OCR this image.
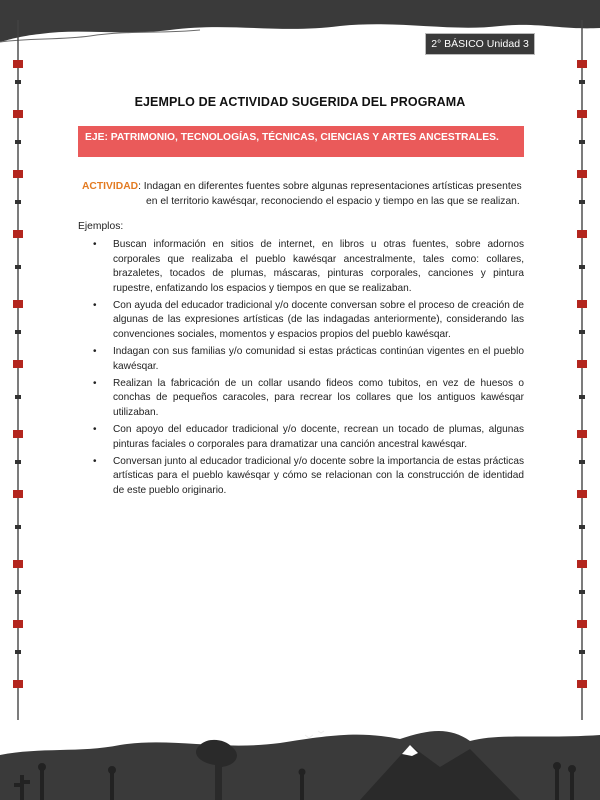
2° BÁSICO Unidad 3
EJEMPLO DE ACTIVIDAD SUGERIDA DEL PROGRAMA
EJE: PATRIMONIO, TECNOLOGÍAS, TÉCNICAS, CIENCIAS Y ARTES ANCESTRALES.
ACTIVIDAD: Indagan en diferentes fuentes sobre algunas representaciones artísticas presentes
en el territorio kawésqar, reconociendo el espacio y tiempo en las que se realizan.
Ejemplos:
• Buscan información en sitios de internet, en libros u otras fuentes, sobre adornos corporales que realizaba el pueblo kawésqar ancestralmente, tales como: collares, brazaletes, tocados de plumas, máscaras, pinturas corporales, canciones y pintura rupestre, enfatizando los espacios y tiempos en que se realizaban.
• Con ayuda del educador tradicional y/o docente conversan sobre el proceso de creación de algunas de las expresiones artísticas (de las indagadas anteriormente), considerando las convenciones sociales, momentos y espacios propios del pueblo kawésqar.
• Indagan con sus familias y/o comunidad si estas prácticas continúan vigentes en el pueblo kawésqar.
• Realizan la fabricación de un collar usando fideos como tubitos, en vez de huesos o conchas de pequeños caracoles, para recrear los collares que los antiguos kawésqar utilizaban.
• Con apoyo del educador tradicional y/o docente, recrean un tocado de plumas, algunas pinturas faciales o corporales para dramatizar una canción ancestral kawésqar.
• Conversan junto al educador tradicional y/o docente sobre la importancia de estas prácticas artísticas para el pueblo kawésqar y cómo se relacionan con la construcción de identidad de este pueblo originario.
